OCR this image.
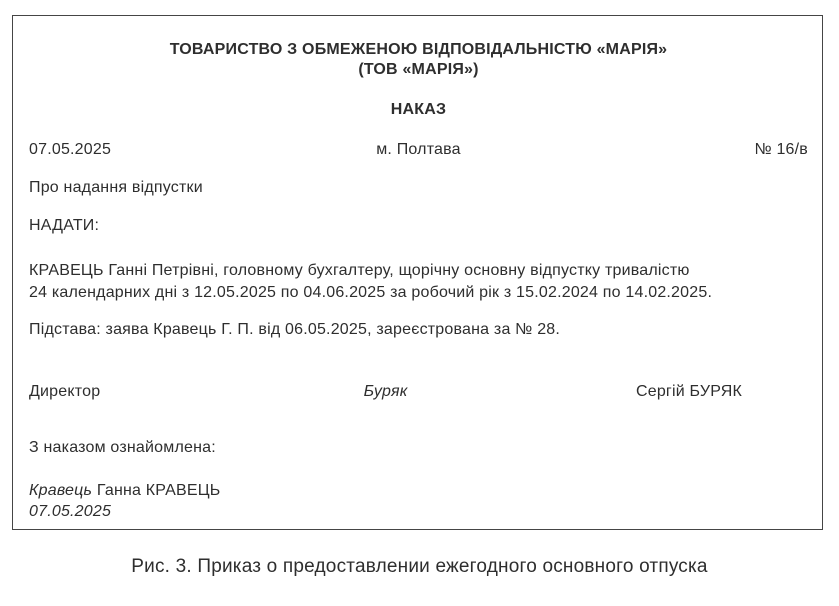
ТОВАРИСТВО З ОБМЕЖЕНОЮ ВІДПОВІДАЛЬНІСТЮ «МАРІЯ»
(ТОВ «МАРІЯ»)
НАКАЗ
07.05.2025	м. Полтава	№ 16/в
Про надання відпустки
НАДАТИ:
КРАВЕЦЬ Ганні Петрівні, головному бухгалтеру, щорічну основну відпустку тривалістю
24 календарних дні з 12.05.2025 по 04.06.2025 за робочий рік з 15.02.2024 по 14.02.2025.
Підстава: заява Кравець Г. П. від 06.05.2025, зареєстрована за № 28.
Директор	Буряк	Сергій БУРЯК
З наказом ознайомлена:
Кравець Ганна КРАВЕЦЬ
07.05.2025
Рис. 3. Приказ о предоставлении ежегодного основного отпуска
